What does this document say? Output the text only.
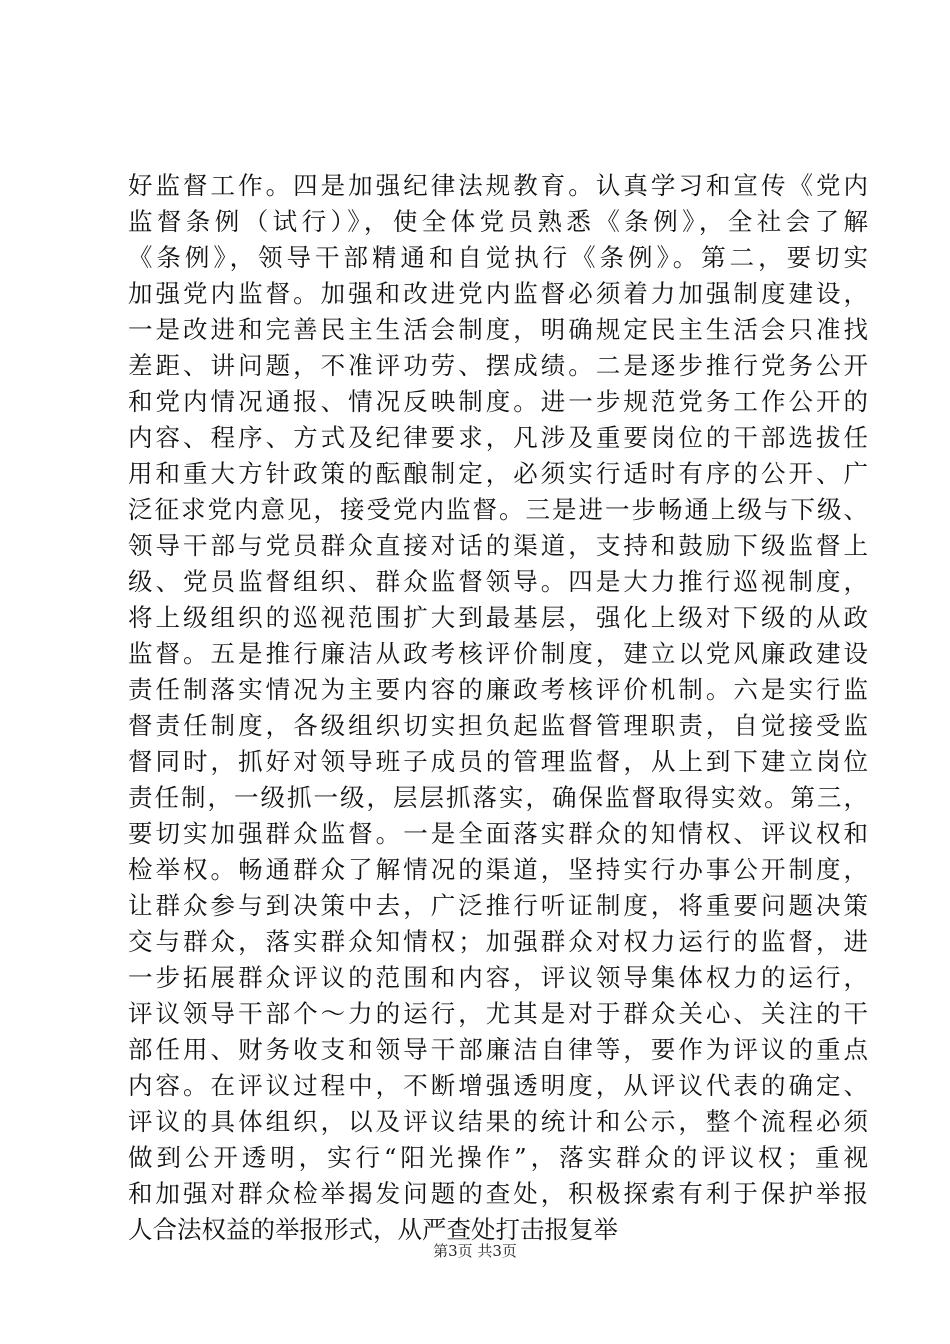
好监督工作。四是加强纪律法规教育。认真学习和宣传《党内
监督条例（试行）》，使全体党员熟悉《条例》，全社会了解
《条例》，领导干部精通和自觉执行《条例》。第二，要切实
加强党内监督。加强和改进党内监督必须着力加强制度建设，
一是改进和完善民主生活会制度，明确规定民主生活会只准找
差距、讲问题，不准评功劳、摆成绩。二是逐步推行党务公开
和党内情况通报、情况反映制度。进一步规范党务工作公开的
内容、程序、方式及纪律要求，凡涉及重要岗位的干部选拔任
用和重大方针政策的酝酿制定，必须实行适时有序的公开、广
泛征求党内意见，接受党内监督。三是进一步畅通上级与下级、
领导干部与党员群众直接对话的渠道，支持和鼓励下级监督上
级、党员监督组织、群众监督领导。四是大力推行巡视制度，
将上级组织的巡视范围扩大到最基层，强化上级对下级的从政
监督。五是推行廉洁从政考核评价制度，建立以党风廉政建设
责任制落实情况为主要内容的廉政考核评价机制。六是实行监
督责任制度，各级组织切实担负起监督管理职责，自觉接受监
督同时，抓好对领导班子成员的管理监督，从上到下建立岗位
责任制，一级抓一级，层层抓落实，确保监督取得实效。第三，
要切实加强群众监督。一是全面落实群众的知情权、评议权和
检举权。畅通群众了解情况的渠道，坚持实行办事公开制度，
让群众参与到决策中去，广泛推行听证制度，将重要问题决策
交与群众，落实群众知情权；加强群众对权力运行的监督，进
一步拓展群众评议的范围和内容，评议领导集体权力的运行，
评议领导干部个～力的运行，尤其是对于群众关心、关注的干
部任用、财务收支和领导干部廉洁自律等，要作为评议的重点
内容。在评议过程中，不断增强透明度，从评议代表的确定、
评议的具体组织，以及评议结果的统计和公示，整个流程必须
做到公开透明，实行“阳光操作”，落实群众的评议权；重视
和加强对群众检举揭发问题的查处，积极探索有利于保护举报
人合法权益的举报形式，从严查处打击报复举
第3页 共3页
